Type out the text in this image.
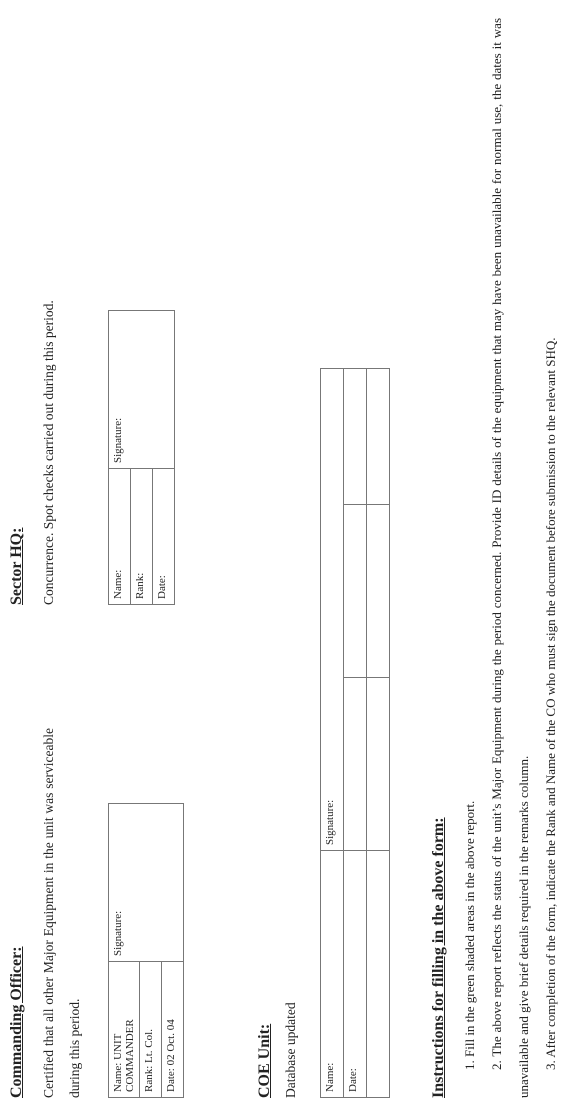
Commanding Officer:	Certified that all other Major Equipment in the unit was serviceable during this period.	Name: UNIT COMMANDER	Signature:
Rank: Lt. Col.
Date: 02 Oct. 04
Sector HQ:	Concurrence. Spot checks carried out during this period.	Name:	Signature:
Rank:
Date:
COE Unit: Database updated	Name:	Signature:		
Date:			
				Instructions for filling in the above form:	1. Fill in the green shaded areas in the above report. 2. The above report reflects the status of the unit’s Major Equipment during the period concerned. Provide ID details of the equipment that may have been unavailable for normal use, the dates it was unavailable and give brief details required in the remarks column. 3. After completion of the form, indicate the Rank and Name of the CO who must sign the document before submission to the relevant SHQ.
